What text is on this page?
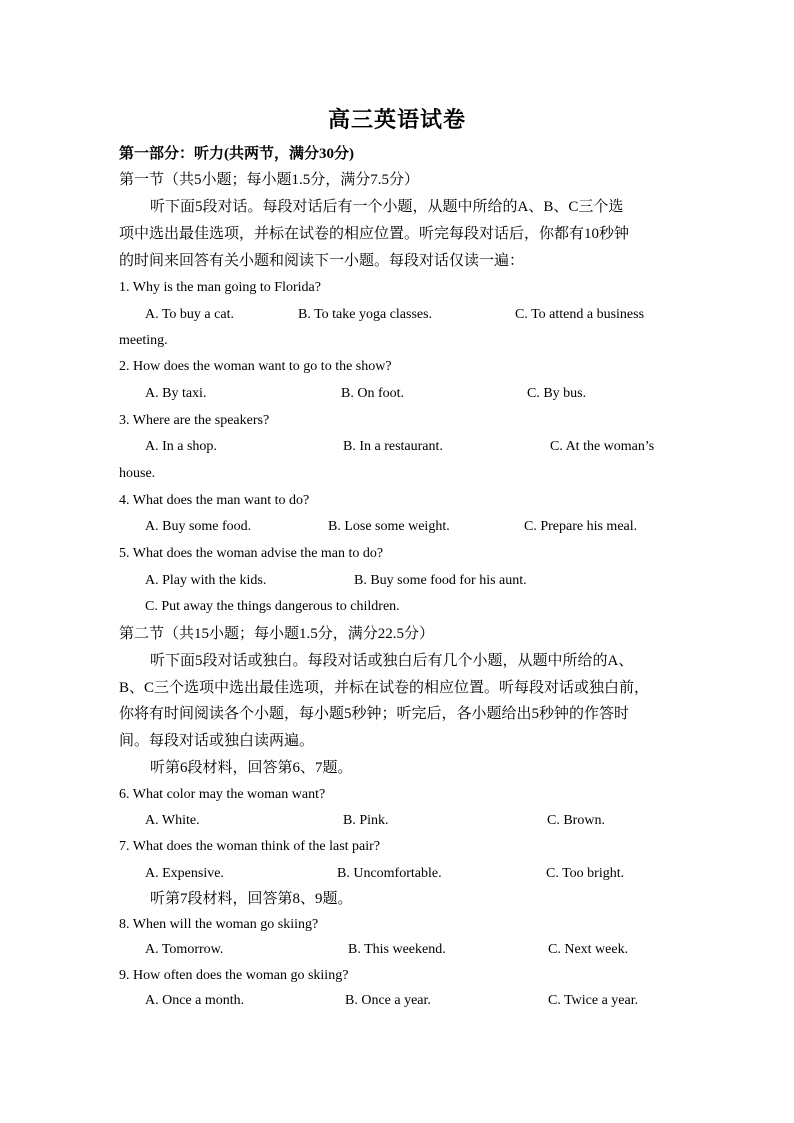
高三英语试卷
第一部分：听力(共两节，满分30分)
第一节（共5小题；每小题1.5分，满分7.5分）
听下面5段对话。每段对话后有一个小题，从题中所给的A、B、C三个选
项中选出最佳选项，并标在试卷的相应位置。听完每段对话后，你都有10秒钟
的时间来回答有关小题和阅读下一小题。每段对话仅读一遍：
1. Why is the man going to Florida?
A. To buy a cat.	B. To take yoga classes.	C. To attend a business
meeting.
2. How does the woman want to go to the show?
A. By taxi.	B. On foot.	C. By bus.
3. Where are the speakers?
A. In a shop.	B. In a restaurant.	C. At the woman’s
house.
4. What does the man want to do?
A. Buy some food.	B. Lose some weight.	C. Prepare his meal.
5. What does the woman advise the man to do?
A. Play with the kids.	B. Buy some food for his aunt.
C. Put away the things dangerous to children.
第二节（共15小题；每小题1.5分，满分22.5分）
听下面5段对话或独白。每段对话或独白后有几个小题，从题中所给的A、
B、C三个选项中选出最佳选项，并标在试卷的相应位置。听每段对话或独白前，
你将有时间阅读各个小题，每小题5秒钟；听完后，各小题给出5秒钟的作答时
间。每段对话或独白读两遍。
听第6段材料，回答第6、7题。
6. What color may the woman want?
A. White.	B. Pink.	C. Brown.
7. What does the woman think of the last pair?
A. Expensive.	B. Uncomfortable.	C. Too bright.
听第7段材料，回答第8、9题。
8. When will the woman go skiing?
A. Tomorrow.	B. This weekend.	C. Next week.
9. How often does the woman go skiing?
A. Once a month.	B. Once a year.	C. Twice a year.
